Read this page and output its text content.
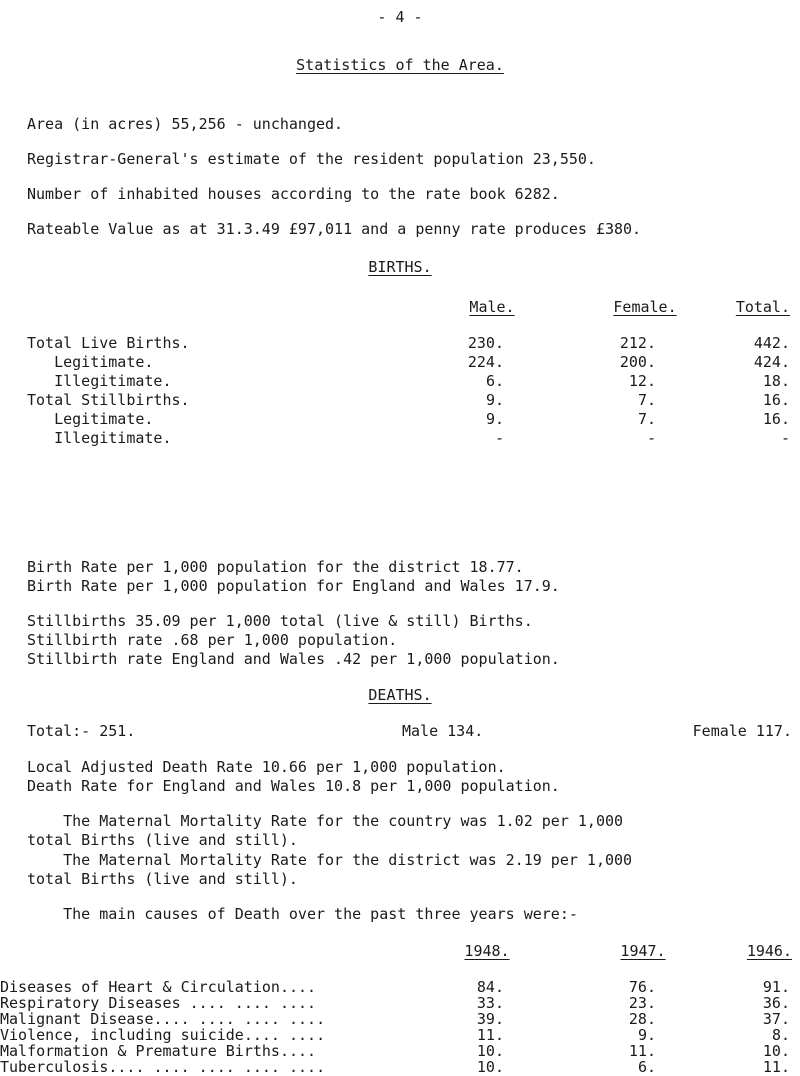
- 4 -
Statistics of the Area.
Area (in acres) 55,256 - unchanged.
Registrar-General's estimate of the resident population 23,550.
Number of inhabited houses according to the rate book 6282.
Rateable Value as at 31.3.49 £97,011 and a penny rate produces £380.
BIRTHS.
Male.	Female.	Total.
Total Live Births.	230.	212.	442.
Legitimate.	224.	200.	424.
Illegitimate.	6.	12.	18.
Total Stillbirths.	9.	7.	16.
Legitimate.	9.	7.	16.
Illegitimate.	-	-	-
Birth Rate per 1,000 population for the district 18.77.
Birth Rate per 1,000 population for England and Wales 17.9.
Stillbirths 35.09 per 1,000 total (live & still) Births.
Stillbirth rate .68 per 1,000 population.
Stillbirth rate England and Wales .42 per 1,000 population.
DEATHS.
Total:- 251.	Male 134.	Female 117.
Local Adjusted Death Rate 10.66 per 1,000 population.
Death Rate for England and Wales 10.8 per 1,000 population.
The Maternal Mortality Rate for the country was 1.02 per 1,000
total Births (live and still).
The Maternal Mortality Rate for the district was 2.19 per 1,000
total Births (live and still).
The main causes of Death over the past three years were:-
1948.	1947.	1946.
Diseases of Heart & Circulation....	84.	76.	91.
Respiratory Diseases .... .... ....	33.	23.	36.
Malignant Disease.... .... .... ....	39.	28.	37.
Violence, including suicide.... ....	11.	9.	8.
Malformation & Premature Births....	10.	11.	10.
Tuberculosis.... .... .... .... ....	10.	6.	11.
